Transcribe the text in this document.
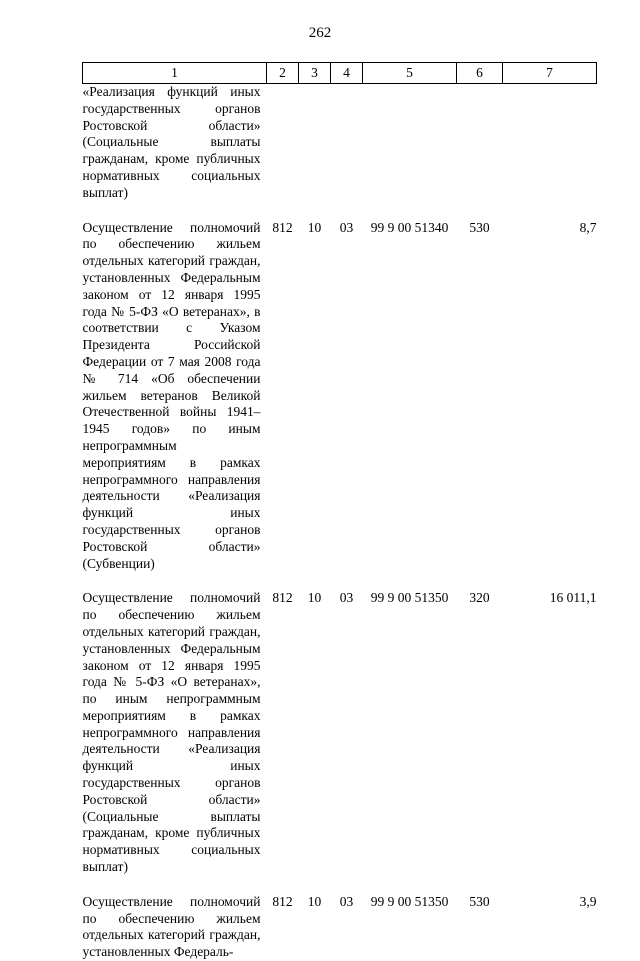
262
1	2	3	4	5	6	7
«Реализация функций иных государственных органов Ростовской области» (Социальные выплаты гражданам, кроме публичных нормативных социальных выплат)						

Осуществление полномочий по обеспечению жильем отдельных категорий граждан, установленных Федеральным законом от 12 января 1995 года № 5-ФЗ «О ветеранах», в соответствии с Указом Президента Российской Федерации от 7 мая 2008 года № 714 «Об обеспечении жильем ветеранов Великой Отечественной войны 1941–1945 годов» по иным непрограммным мероприятиям в рамках непрограммного направления деятельности «Реализация функций иных государственных органов Ростовской области» (Субвенции)	812	10	03	99 9 00 51340	530	8,7

Осуществление полномочий по обеспечению жильем отдельных категорий граждан, установленных Федеральным законом от 12 января 1995 года № 5-ФЗ «О ветеранах», по иным непрограммным мероприятиям в рамках непрограммного направления деятельности «Реализация функций иных государственных органов Ростовской области» (Социальные выплаты гражданам, кроме публичных нормативных социальных выплат)	812	10	03	99 9 00 51350	320	16 011,1

Осуществление полномочий по обеспечению жильем отдельных категорий граждан, установленных Федераль-	812	10	03	99 9 00 51350	530	3,9
